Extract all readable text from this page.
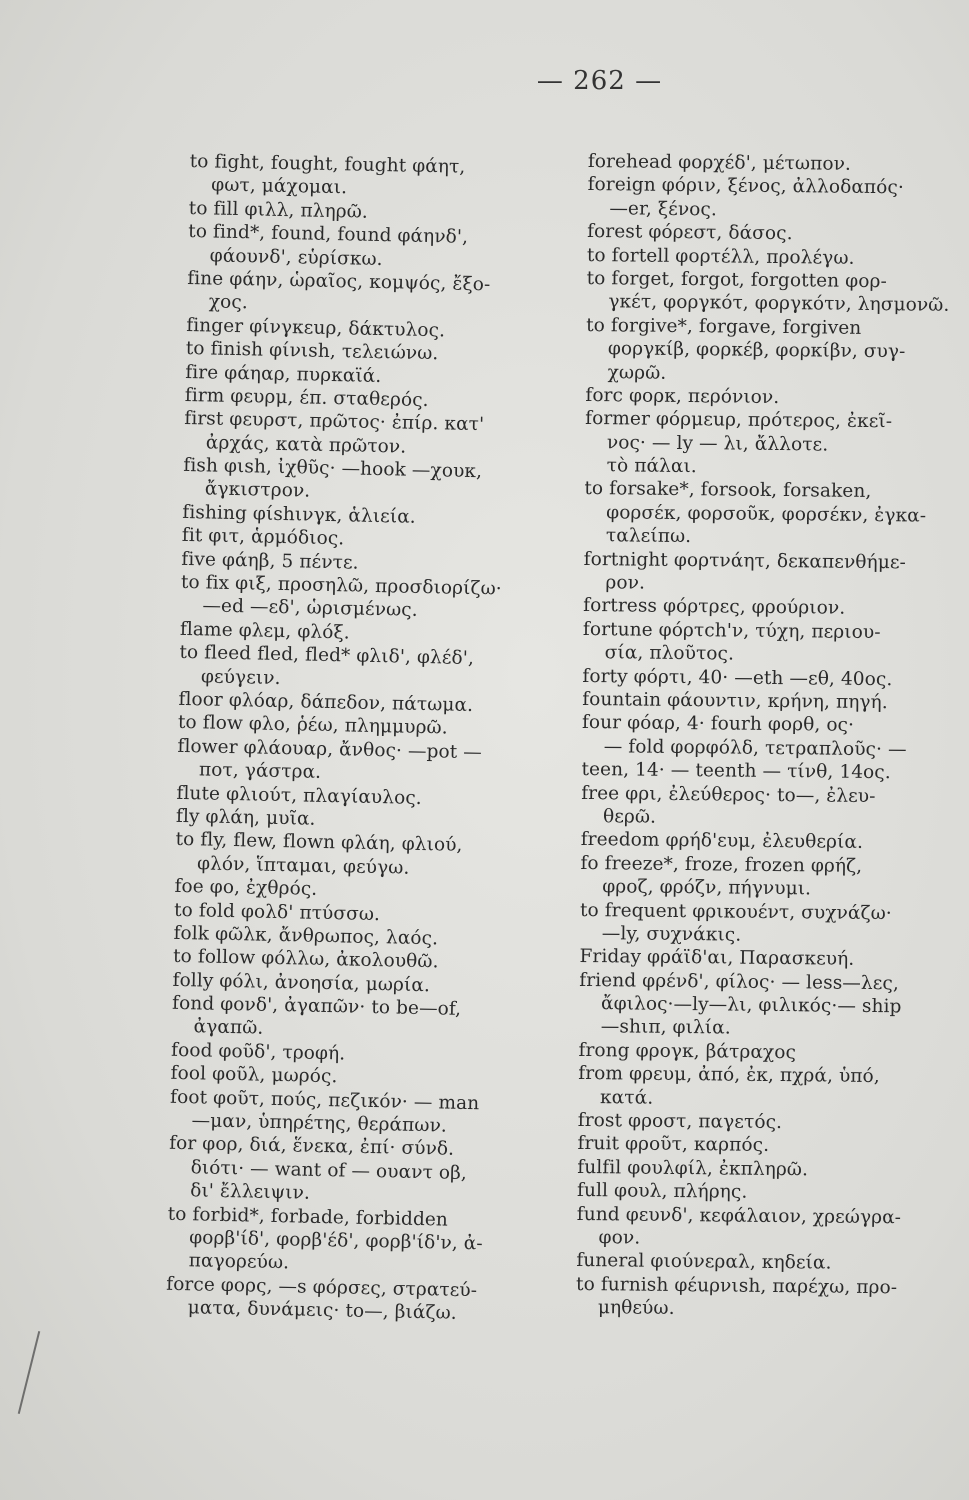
— 262 —
to fight, fought, fought φάητ,
φωτ, μάχομαι.
to fill φιλλ, πληρῶ.
to find*, found, found φάηνδ',
φάουνδ', εὑρίσκω.
fine φάην, ὡραῖος, κομψός, ἔξο-
χος.
finger φίνγκεuρ, δάκτυλος.
to finish φίνιsh, τελειώνω.
fire φάηαρ, πυρκαϊά.
firm φευρμ, έπ. σταθερός.
first φευρστ, πρῶτος· ἐπίρ. κατ'
ἀρχάς, κατὰ πρῶτον.
fish φιsh, ἰχθῦς· —hook —χουκ,
ἄγκιστρον.
fishing φίshινγκ, ἁλιεία.
fit φιτ, ἁρμόδιος.
five φάηβ, 5 πέντε.
to fix φιξ, προσηλῶ, προσδιορίζω·
—ed —εδ', ὡρισμένως.
flame φλεμ, φλόξ.
to fleed fled, fled* φλιδ', φλέδ',
φεύγειν.
floor φλόαρ, δάπεδον, πάτωμα.
to flow φλο, ῥέω, πλημμυρῶ.
flower φλάουαρ, ἄνθος· —pot —
ποτ, γάστρα.
flute φλιούτ, πλαγίαυλος.
fly φλάη, μυῖα.
to fly, flew, flown φλάη, φλιού,
φλόν, ἵπταμαι, φεύγω.
foe φο, ἐχθρός.
to fold φολδ' πτύσσω.
folk φῶλκ, ἄνθρωπος, λαός.
to follow φόλλω, ἀκολουθῶ.
folly φόλι, ἀνοησία, μωρία.
fond φονδ', ἀγαπῶν· to be—of,
ἀγαπῶ.
food φοῦδ', τροφή.
fool φοῦλ, μωρός.
foot φοῦτ, πούς, πεζικόν· — man
—μαν, ὑπηρέτης, θεράπων.
for φορ, διά, ἕνεκα, ἐπί· σύνδ.
διότι· — want of — ουαντ οβ,
δι' ἔλλειψιν.
to forbid*, forbade, forbidden
φορβ'ίδ', φορβ'έδ', φορβ'ίδ'ν, ἀ-
παγορεύω.
force φορς, —s φόρσες, στρατεύ-
ματα, δυνάμεις· to—, βιάζω.
forehead φορχέδ', μέτωπον.
foreign φόριν, ξένος, ἀλλοδαπός·
—er, ξένος.
forest φόρεστ, δάσος.
to fortell φορτέλλ, προλέγω.
to forget, forgot, forgotten φορ-
γκέτ, φοργκότ, φοργκότν, λησμονῶ.
to forgive*, forgave, forgiven
φοργκίβ, φορκέβ, φορκίβν, συγ-
χωρῶ.
forc φορκ, περόνιον.
former φόρμεuρ, πρότερος, ἐκεῖ-
νος· — ly — λι, ἄλλοτε.
τὸ πάλαι.
to forsake*, forsook, forsaken,
φορσέκ, φορσοῦκ, φορσέκν, ἐγκα-
ταλείπω.
fortnight φορτνάητ, δεκαπενθήμε-
ρον.
fortress φόρτρες, φρούριον.
fortune φόρτch'ν, τύχη, περιου-
σία, πλοῦτος.
forty φόρτι, 40· —eth —εθ, 40ος.
fountain φάουντιν, κρήνη, πηγή.
four φόαρ, 4· fourh φορθ, ος·
— fold φορφόλδ, τετραπλοῦς· —
teen, 14· — teenth — τίνθ, 14ος.
free φρι, ἐλεύθερος· to—, ἐλευ-
θερῶ.
freedom φρήδ'ευμ, ἐλευθερία.
fo freeze*, froze, frozen φρήζ,
φροζ, φρόζν, πήγνυμι.
to frequent φρικουέντ, συχνάζω·
—ly, συχνάκις.
Friday φράϊδ'αι, Παρασκευή.
friend φρένδ', φίλος· — less—λες,
ἄφιλος·—ly—λι, φιλικός·— ship
—shιπ, φιλία.
frong φρογκ, βάτραχος
from φρευμ, ἀπό, ἐκ, πχρά, ὑπό,
κατά.
frost φροστ, παγετός.
fruit φροῦτ, καρπός.
fulfil φουλφίλ, ἐκπληρῶ.
full φουλ, πλήρης.
fund φευνδ', κεφάλαιον, χρεώγρα-
φον.
funeral φιούνεραλ, κηδεία.
to furnish φέuρνιsh, παρέχω, προ-
μηθεύω.
